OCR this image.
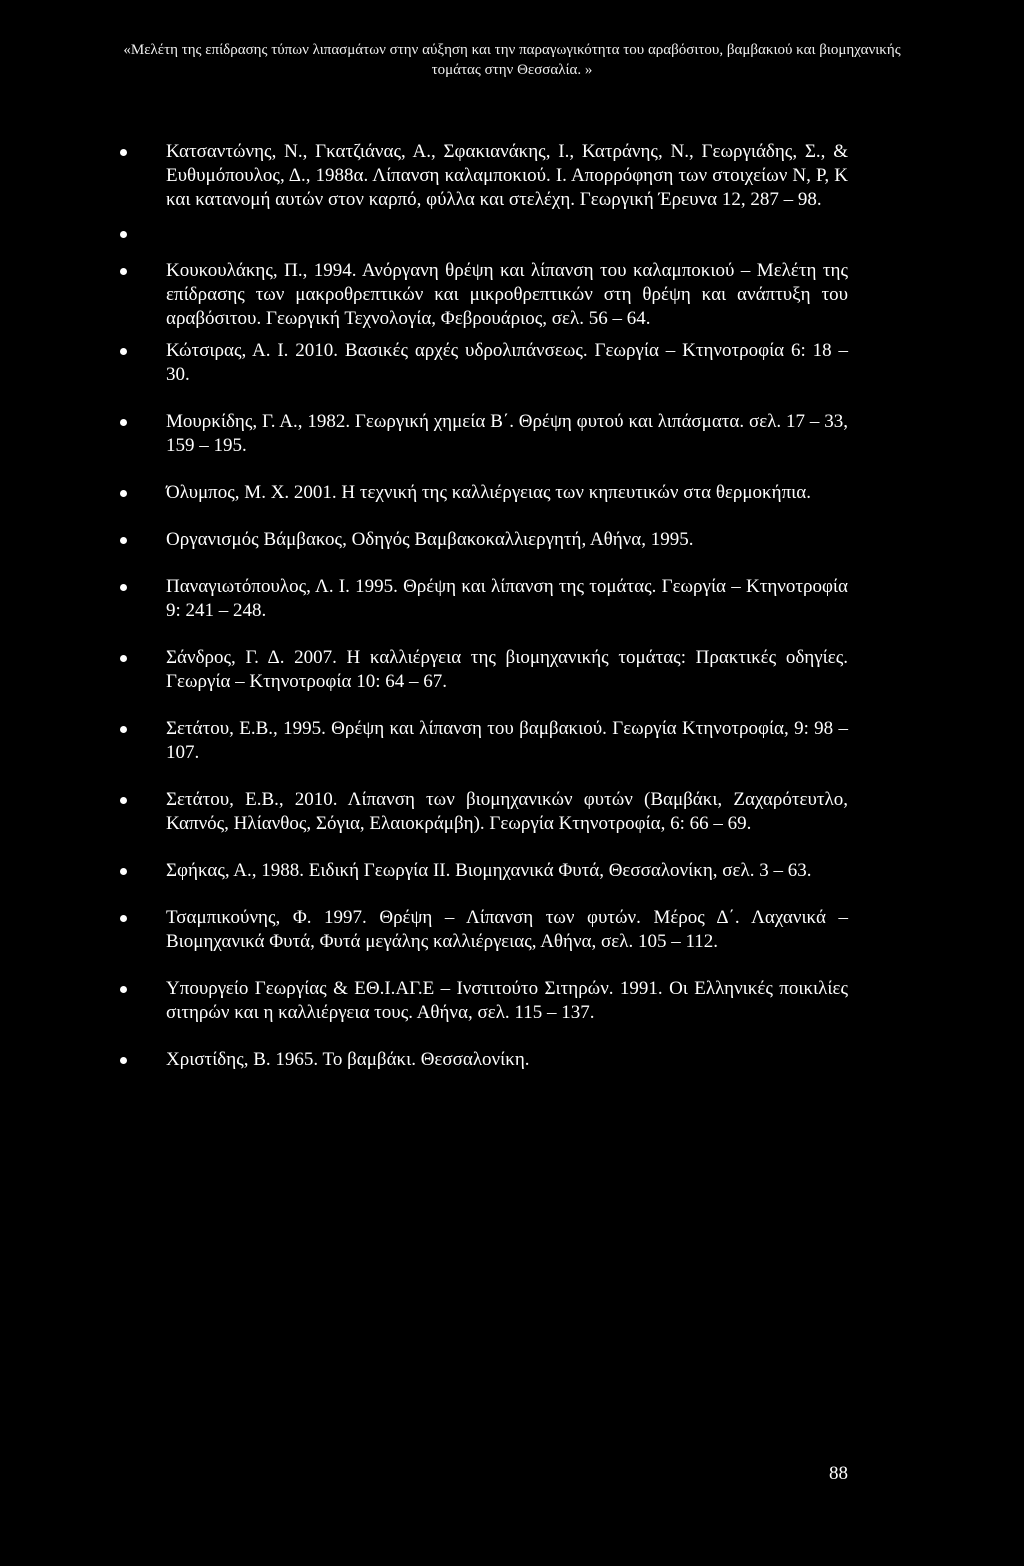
«Μελέτη της επίδρασης τύπων λιπασμάτων στην αύξηση και την παραγωγικότητα του αραβόσιτου, βαμβακιού και βιομηχανικής
τομάτας στην Θεσσαλία. »
Κατσαντώνης, Ν., Γκατζιάνας, Α., Σφακιανάκης, Ι., Κατράνης, Ν., Γεωργιάδης, Σ., & Ευθυμόπουλος, Δ., 1988α. Λίπανση καλαμποκιού. Ι. Απορρόφηση των στοιχείων N, P, K και κατανομή αυτών στον καρπό, φύλλα και στελέχη. Γεωργική Έρευνα 12, 287 – 98.
Κουκουλάκης, Π., 1994. Ανόργανη θρέψη και λίπανση του καλαμποκιού – Μελέτη της επίδρασης των μακροθρεπτικών και μικροθρεπτικών στη θρέψη και ανάπτυξη του αραβόσιτου. Γεωργική Τεχνολογία, Φεβρουάριος, σελ. 56 – 64.
Κώτσιρας, Α. Ι. 2010. Βασικές αρχές υδρολιπάνσεως. Γεωργία – Κτηνοτροφία 6: 18 – 30.
Μουρκίδης, Γ. Α., 1982. Γεωργική χημεία Β΄. Θρέψη φυτού και λιπάσματα. σελ. 17 – 33, 159 – 195.
Όλυμπος, Μ. Χ. 2001. Η τεχνική της καλλιέργειας των κηπευτικών στα θερμοκήπια.
Οργανισμός Βάμβακος, Οδηγός Βαμβακοκαλλιεργητή, Αθήνα, 1995.
Παναγιωτόπουλος, Λ. Ι. 1995. Θρέψη και λίπανση της τομάτας. Γεωργία – Κτηνοτροφία 9: 241 – 248.
Σάνδρος, Γ. Δ. 2007. Η καλλιέργεια της βιομηχανικής τομάτας: Πρακτικές οδηγίες. Γεωργία – Κτηνοτροφία 10: 64 – 67.
Σετάτου, Ε.Β., 1995. Θρέψη και λίπανση του βαμβακιού. Γεωργία Κτηνοτροφία, 9: 98 – 107.
Σετάτου, Ε.Β., 2010. Λίπανση των βιομηχανικών φυτών (Βαμβάκι, Ζαχαρότευτλο, Καπνός, Ηλίανθος, Σόγια, Ελαιοκράμβη). Γεωργία Κτηνοτροφία, 6: 66 – 69.
Σφήκας, Α., 1988. Ειδική Γεωργία ΙΙ. Βιομηχανικά Φυτά, Θεσσαλονίκη, σελ. 3 – 63.
Τσαμπικούνης, Φ. 1997. Θρέψη – Λίπανση των φυτών. Μέρος Δ΄. Λαχανικά – Βιομηχανικά Φυτά, Φυτά μεγάλης καλλιέργειας, Αθήνα, σελ. 105 – 112.
Υπουργείο Γεωργίας & ΕΘ.Ι.ΑΓ.Ε – Ινστιτούτο Σιτηρών. 1991. Οι Ελληνικές ποικιλίες σιτηρών και η καλλιέργεια τους. Αθήνα, σελ. 115 – 137.
Χριστίδης, Β. 1965. Το βαμβάκι. Θεσσαλονίκη.
88
